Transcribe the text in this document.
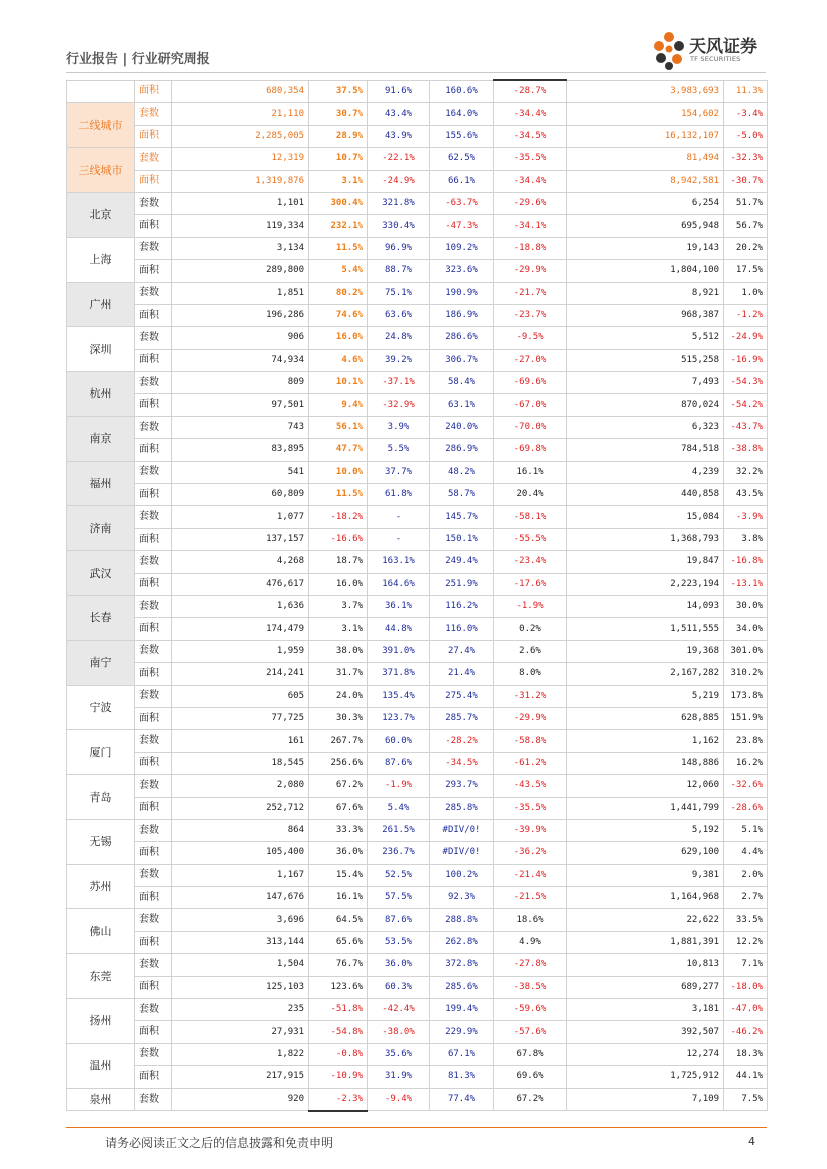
行业报告 | 行业研究周报
天风证券
TF SECURITIES
	面积	680,354	37.5%	91.6%	160.6%	-28.7%	3,983,693	11.3%
二线城市	套数	21,110	30.7%	43.4%	164.0%	-34.4%	154,602	-3.4%
	面积	2,285,005	28.9%	43.9%	155.6%	-34.5%	16,132,107	-5.0%
三线城市	套数	12,319	10.7%	-22.1%	62.5%	-35.5%	81,494	-32.3%
	面积	1,319,876	3.1%	-24.9%	66.1%	-34.4%	8,942,581	-30.7%
北京	套数	1,101	300.4%	321.8%	-63.7%	-29.6%	6,254	51.7%
	面积	119,334	232.1%	330.4%	-47.3%	-34.1%	695,948	56.7%
上海	套数	3,134	11.5%	96.9%	109.2%	-18.8%	19,143	20.2%
	面积	289,800	5.4%	88.7%	323.6%	-29.9%	1,804,100	17.5%
广州	套数	1,851	80.2%	75.1%	190.9%	-21.7%	8,921	1.0%
	面积	196,286	74.6%	63.6%	186.9%	-23.7%	968,387	-1.2%
深圳	套数	906	16.0%	24.8%	286.6%	-9.5%	5,512	-24.9%
	面积	74,934	4.6%	39.2%	306.7%	-27.0%	515,258	-16.9%
杭州	套数	809	10.1%	-37.1%	58.4%	-69.6%	7,493	-54.3%
	面积	97,501	9.4%	-32.9%	63.1%	-67.0%	870,024	-54.2%
南京	套数	743	56.1%	3.9%	240.0%	-70.0%	6,323	-43.7%
	面积	83,895	47.7%	5.5%	286.9%	-69.8%	784,518	-38.8%
福州	套数	541	10.0%	37.7%	48.2%	16.1%	4,239	32.2%
	面积	60,809	11.5%	61.8%	58.7%	20.4%	440,858	43.5%
济南	套数	1,077	-18.2%	-	145.7%	-58.1%	15,084	-3.9%
	面积	137,157	-16.6%	-	150.1%	-55.5%	1,368,793	3.8%
武汉	套数	4,268	18.7%	163.1%	249.4%	-23.4%	19,847	-16.8%
	面积	476,617	16.0%	164.6%	251.9%	-17.6%	2,223,194	-13.1%
长春	套数	1,636	3.7%	36.1%	116.2%	-1.9%	14,093	30.0%
	面积	174,479	3.1%	44.8%	116.0%	0.2%	1,511,555	34.0%
南宁	套数	1,959	38.0%	391.0%	27.4%	2.6%	19,368	301.0%
	面积	214,241	31.7%	371.8%	21.4%	8.0%	2,167,282	310.2%
宁波	套数	605	24.0%	135.4%	275.4%	-31.2%	5,219	173.8%
	面积	77,725	30.3%	123.7%	285.7%	-29.9%	628,885	151.9%
厦门	套数	161	267.7%	60.0%	-28.2%	-58.8%	1,162	23.8%
	面积	18,545	256.6%	87.6%	-34.5%	-61.2%	148,886	16.2%
青岛	套数	2,080	67.2%	-1.9%	293.7%	-43.5%	12,060	-32.6%
	面积	252,712	67.6%	5.4%	285.8%	-35.5%	1,441,799	-28.6%
无锡	套数	864	33.3%	261.5%	#DIV/0!	-39.9%	5,192	5.1%
	面积	105,400	36.0%	236.7%	#DIV/0!	-36.2%	629,100	4.4%
苏州	套数	1,167	15.4%	52.5%	100.2%	-21.4%	9,381	2.0%
	面积	147,676	16.1%	57.5%	92.3%	-21.5%	1,164,968	2.7%
佛山	套数	3,696	64.5%	87.6%	288.8%	18.6%	22,622	33.5%
	面积	313,144	65.6%	53.5%	262.8%	4.9%	1,881,391	12.2%
东莞	套数	1,504	76.7%	36.0%	372.8%	-27.8%	10,813	7.1%
	面积	125,103	123.6%	60.3%	285.6%	-38.5%	689,277	-18.0%
扬州	套数	235	-51.8%	-42.4%	199.4%	-59.6%	3,181	-47.0%
	面积	27,931	-54.8%	-38.0%	229.9%	-57.6%	392,507	-46.2%
温州	套数	1,822	-0.8%	35.6%	67.1%	67.8%	12,274	18.3%
	面积	217,915	-10.9%	31.9%	81.3%	69.6%	1,725,912	44.1%
泉州	套数	920	-2.3%	-9.4%	77.4%	67.2%	7,109	7.5%
请务必阅读正文之后的信息披露和免责申明	4
